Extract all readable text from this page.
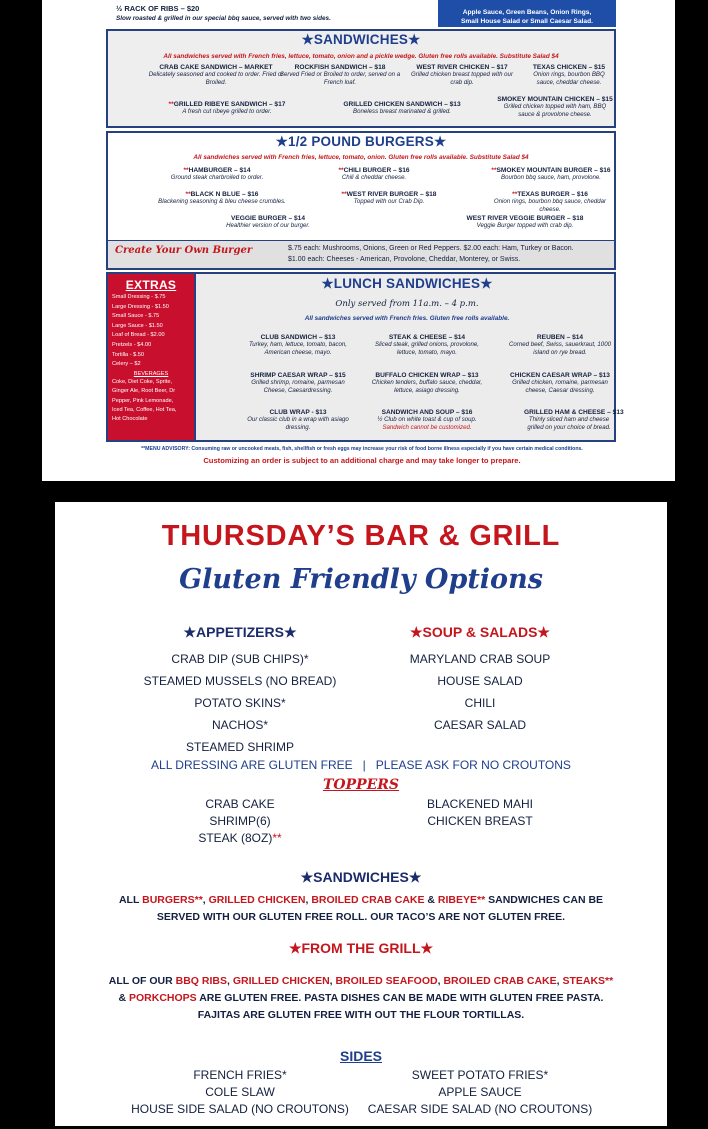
½ RACK OF RIBS – $20
Slow roasted & grilled in our special bbq sauce, served with two sides.
Apple Sauce, Green Beans, Onion Rings,
Small House Salad or Small Caesar Salad.
★SANDWICHES★
All sandwiches served with French fries, lettuce, tomato, onion and a pickle wedge. Gluten free rolls available. Substitute Salad $4
CRAB CAKE SANDWICH – MARKET
Delicately seasoned and cooked to order. Fried or Broiled.
ROCKFISH SANDWICH – $18
Served Fried or Broiled to order, served on a French loaf.
WEST RIVER CHICKEN – $17
Grilled chicken breast topped with our crab dip.
TEXAS CHICKEN – $15
Onion rings, bourbon BBQ sauce, cheddar cheese.
**GRILLED RIBEYE SANDWICH – $17
A fresh cut ribeye grilled to order.
GRILLED CHICKEN SANDWICH – $13
Boneless breast marinated & grilled.
SMOKEY MOUNTAIN CHICKEN – $15
Grilled chicken topped with ham, BBQ sauce & provolone cheese.
★1/2 POUND BURGERS★
All sandwiches served with French fries, lettuce, tomato, onion. Gluten free rolls available. Substitute Salad $4
**HAMBURGER – $14
Ground steak charbroiled to order.
**CHILI BURGER – $16
Chili & cheddar cheese.
**SMOKEY MOUNTAIN BURGER – $16
Bourbon bbq sauce, ham, provolone.
**BLACK N BLUE – $16
Blackening seasoning & bleu cheese crumbles.
**WEST RIVER BURGER – $18
Topped with our Crab Dip.
**TEXAS BURGER – $16
Onion rings, bourbon bbq sauce, cheddar cheese.
VEGGIE BURGER – $14
Healthier version of our burger.
WEST RIVER VEGGIE BURGER – $18
Veggie Burger topped with crab dip.
Create Your Own Burger	$.75 each: Mushrooms, Onions, Green or Red Peppers. $2.00 each: Ham, Turkey or Bacon.
$1.00 each: Cheeses - American, Provolone, Cheddar, Monterey, or Swiss.
EXTRAS
Small Dressing - $.75
Large Dressing - $1.50
Small Sauce - $.75
Large Sauce - $1.50
Loaf of Bread - $2.00
Pretzels - $4.00
Tortilla - $.50
Celery – $2
BEVERAGES
Coke, Diet Coke, Sprite,
Ginger Ale, Root Beer, Dr
Pepper, Pink Lemonade,
Iced Tea, Coffee, Hot Tea,
Hot Chocolate
★LUNCH SANDWICHES★
Only served from 11a.m. – 4 p.m.
All sandwiches served with French fries. Gluten free rolls available.
CLUB SANDWICH – $13
Turkey, ham, lettuce, tomato, bacon, American cheese, mayo.
STEAK & CHEESE – $14
Sliced steak, grilled onions, provolone, lettuce, tomato, mayo.
REUBEN – $14
Corned beef, Swiss, sauerkraut, 1000 island on rye bread.
SHRIMP CAESAR WRAP – $15
Grilled shrimp, romaine, parmesan Cheese, Caesardressing.
BUFFALO CHICKEN WRAP – $13
Chicken tenders, buffalo sauce, cheddar, lettuce, asiago dressing.
CHICKEN CAESAR WRAP – $13
Grilled chicken, romaine, parmesan cheese, Caesar dressing.
CLUB WRAP - $13
Our classic club in a wrap with asiago dressing.
SANDWICH AND SOUP – $16
½ Club on white toast & cup of soup.
Sandwich cannot be customized.
GRILLED HAM & CHEESE – $13
Thinly sliced ham and cheese grilled on your choice of bread.
**MENU ADVISORY: Consuming raw or uncooked meats, fish, shellfish or fresh eggs may increase your risk of food borne illness especially if you have certain medical conditions.
Customizing an order is subject to an additional charge and may take longer to prepare.
THURSDAY’S BAR & GRILL
Gluten Friendly Options
★APPETIZERS★	★SOUP & SALADS★
CRAB DIP (SUB CHIPS)*
STEAMED MUSSELS (NO BREAD)
POTATO SKINS*
NACHOS*
STEAMED SHRIMP
MARYLAND CRAB SOUP
HOUSE SALAD
CHILI
CAESAR SALAD
ALL DRESSING ARE GLUTEN FREE   |   PLEASE ASK FOR NO CROUTONS
TOPPERS
CRAB CAKE
SHRIMP(6)
STEAK (8OZ)**
BLACKENED MAHI
CHICKEN BREAST
★SANDWICHES★
ALL BURGERS**, GRILLED CHICKEN, BROILED CRAB CAKE & RIBEYE** SANDWICHES CAN BE
SERVED WITH OUR GLUTEN FREE ROLL. OUR TACO’S ARE NOT GLUTEN FREE.
★FROM THE GRILL★
ALL OF OUR BBQ RIBS, GRILLED CHICKEN, BROILED SEAFOOD, BROILED CRAB CAKE, STEAKS**
& PORKCHOPS ARE GLUTEN FREE. PASTA DISHES CAN BE MADE WITH GLUTEN FREE PASTA.
FAJITAS ARE GLUTEN FREE WITH OUT THE FLOUR TORTILLAS.
SIDES
FRENCH FRIES*
COLE SLAW
HOUSE SIDE SALAD (NO CROUTONS)
SWEET POTATO FRIES*
APPLE SAUCE
CAESAR SIDE SALAD (NO CROUTONS)
